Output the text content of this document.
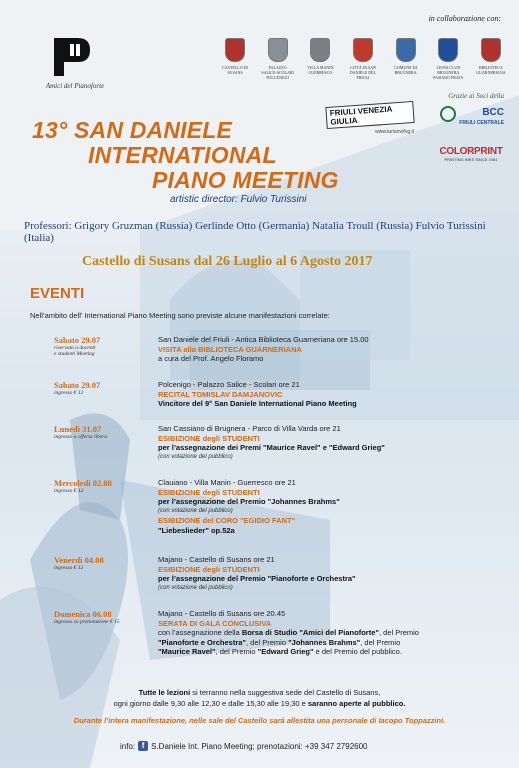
Amici del Pianoforte
in collaborazione con:
CASTELLO DI SUSANS
PALAZZO SALICE-SCOLARI POLCENIGO
VILLA MANIN GUERRESCO
CITTÀ DI SAN DANIELE DEL FRIULI
COMUNE DI BRUGNERA
LIONS CLUB BRUGNERA PASIANO PRATA
BIBLIOTECA GUARNERIANA
FRIULI VENEZIA GIULIA
www.turismofvg.it
Grazie ai Soci della
BCC
FRIULI CENTRALE
COLORPRINT
PRINTING INKS SINCE 1981
13° SAN DANIELE
INTERNATIONAL
PIANO MEETING
artistic director: Fulvio Turissini
Professori: Grigory Gruzman (Russia) Gerlinde Otto (Germania) Natalia Troull (Russia) Fulvio Turissini (Italia)
Castello di Susans dal 26 Luglio al 6 Agosto 2017
EVENTI
Nell’ambito dell’ International Piano Meeting sono previste alcune manifestazioni correlate:
Sabato 29.07
riservato a docenti
e studenti Meeting
San Daniele del Friuli - Antica Biblioteca Guarneriana ore 15.00
VISITA alla BIBLIOTECA GUARNERIANA
a cura del Prof. Angelo Floramo
Sabato 29.07
ingresso € 12
Polcenigo - Palazzo Salice - Scolari ore 21
RECITAL TOMISLAV DAMJANOVIC
Vincitore del 9° San Daniele International Piano Meeting
Lunedì 31.07
ingresso a offerta libera
San Cassiano di Brugnera - Parco di Villa Varda ore 21
ESIBIZIONE degli STUDENTI
per l’assegnazione dei Premi "Maurice Ravel" e "Edward Grieg"
(con votazione del pubblico)
Mercoledì 02.08
ingresso € 12
Clauiano - Villa Manin - Guerresco ore 21
ESIBIZIONE degli STUDENTI
per l’assegnazione del Premio "Johannes Brahms"
(con votazione del pubblico)
ESIBIZIONE del CORO "EGIDIO FANT"
"Liebeslieder" op.52a
Venerdì 04.08
ingresso € 12
Majano - Castello di Susans ore 21
ESIBIZIONE degli STUDENTI
per l’assegnazione del Premio "Pianoforte e Orchestra"
(con votazione del pubblico)
Domenica 06.08
ingresso su prenotazione € 15
Majano - Castello di Susans ore 20.45
SERATA DI GALA CONCLUSIVA
con l’assegnazione della Borsa di Studio "Amici del Pianoforte", del Premio
"Pianoforte e Orchestra", del Premio "Johannes Brahms", del Premio
"Maurice Ravel", del Premio "Edward Grieg" e del Premio del pubblico.
Tutte le lezioni si terranno nella suggestiva sede del Castello di Susans,
ogni giorno dalle 9,30 alle 12,30 e dalle 15,30 alle 19,30 e saranno aperte al pubblico.
Durante l’intera manifestazione, nelle sale del Castello sarà allestita una personale di Iacopo Toppazzini.
info: f S.Daniele Int. Piano Meeting; prenotazioni: +39 347 2792600
